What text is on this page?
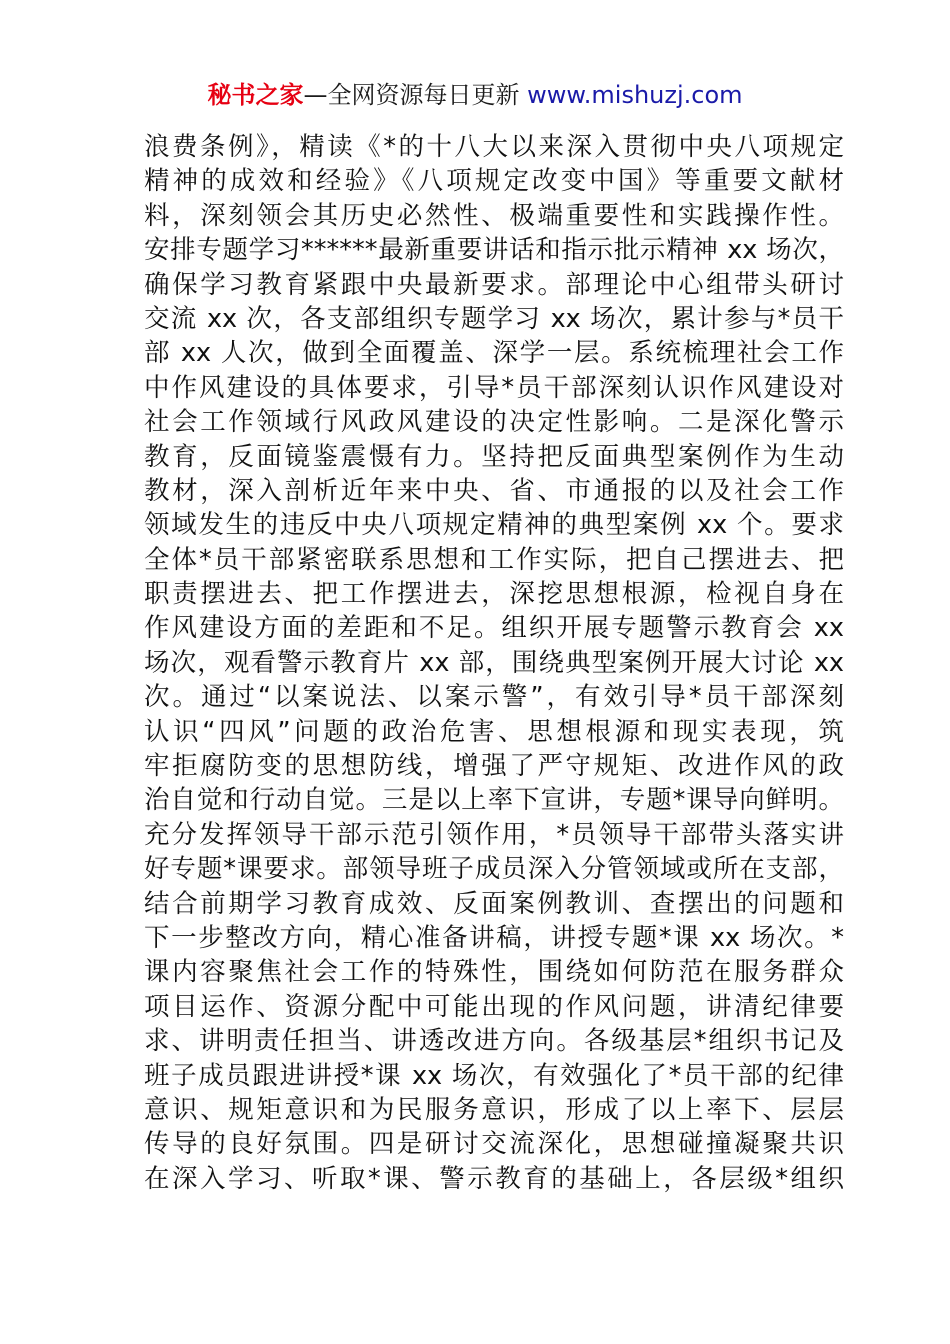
秘书之家—全网资源每日更新 www.mishuzj.com
浪费条例》，精读《*的十八大以来深入贯彻中央八项规定
精神的成效和经验》《八项规定改变中国》等重要文献材
料，深刻领会其历史必然性、极端重要性和实践操作性。
安排专题学习******最新重要讲话和指示批示精神 xx 场次，
确保学习教育紧跟中央最新要求。部理论中心组带头研讨
交流 xx 次，各支部组织专题学习 xx 场次，累计参与*员干
部 xx 人次，做到全面覆盖、深学一层。系统梳理社会工作
中作风建设的具体要求，引导*员干部深刻认识作风建设对
社会工作领域行风政风建设的决定性影响。二是深化警示
教育，反面镜鉴震慑有力。坚持把反面典型案例作为生动
教材，深入剖析近年来中央、省、市通报的以及社会工作
领域发生的违反中央八项规定精神的典型案例 xx 个。要求
全体*员干部紧密联系思想和工作实际，把自己摆进去、把
职责摆进去、把工作摆进去，深挖思想根源，检视自身在
作风建设方面的差距和不足。组织开展专题警示教育会 xx
场次，观看警示教育片 xx 部，围绕典型案例开展大讨论 xx
次。通过“以案说法、以案示警”，有效引导*员干部深刻
认识“四风”问题的政治危害、思想根源和现实表现，筑
牢拒腐防变的思想防线，增强了严守规矩、改进作风的政
治自觉和行动自觉。三是以上率下宣讲，专题*课导向鲜明。
充分发挥领导干部示范引领作用，*员领导干部带头落实讲
好专题*课要求。部领导班子成员深入分管领域或所在支部，
结合前期学习教育成效、反面案例教训、查摆出的问题和
下一步整改方向，精心准备讲稿，讲授专题*课 xx 场次。*
课内容聚焦社会工作的特殊性，围绕如何防范在服务群众
项目运作、资源分配中可能出现的作风问题，讲清纪律要
求、讲明责任担当、讲透改进方向。各级基层*组织书记及
班子成员跟进讲授*课 xx 场次，有效强化了*员干部的纪律
意识、规矩意识和为民服务意识，形成了以上率下、层层
传导的良好氛围。四是研讨交流深化，思想碰撞凝聚共识
在深入学习、听取*课、警示教育的基础上，各层级*组织
